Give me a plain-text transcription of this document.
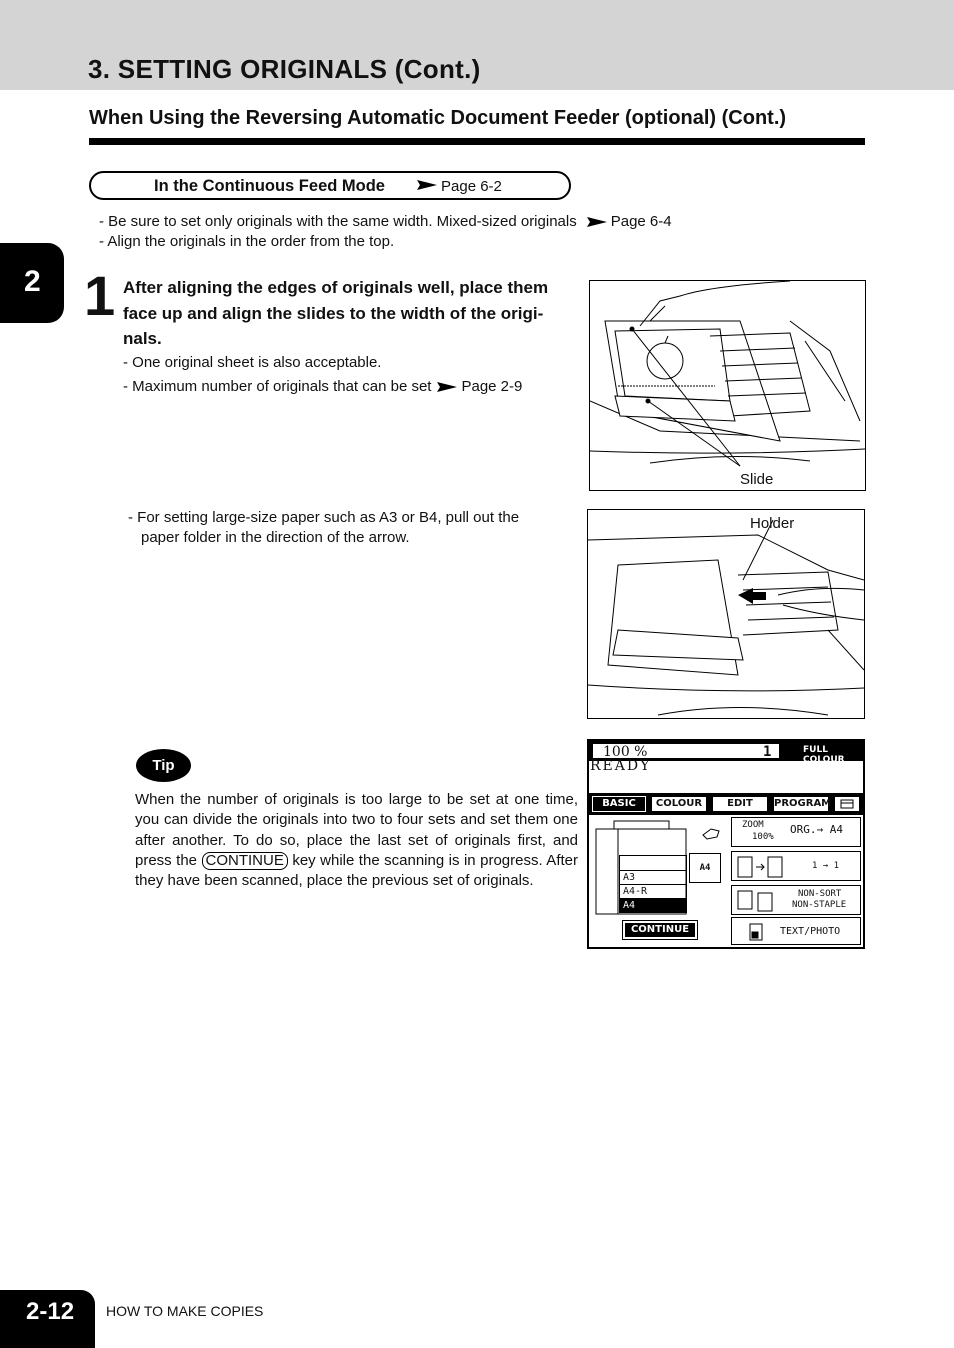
3. SETTING ORIGINALS (Cont.)
When Using the Reversing Automatic Document Feeder (optional) (Cont.)
In the Continuous Feed Mode	Page 6-2
- Be sure to set only originals with the same width. Mixed-sized originals Page 6-4
- Align the originals in the order from the top.
2 1 After aligning the edges of originals well, place them face up and align the slides to the width of the origi-nals.
- One original sheet is also acceptable.
- Maximum number of originals that can be set Page 2-9
Slide
- For setting large-size paper such as A3 or B4, pull out the
paper folder in the direction of the arrow.
Holder
Tip
When the number of originals is too large to be set at one time, you can divide the originals into two to four sets and set them one after another. To do so, place the last set of originals first, and press the CONTINUE key while the scanning is in progress. After they have been scanned, place the previous set of originals.
100 %	1	FULL COLOUR
READY
BASIC	COLOUR	EDIT	PROGRAM
A3
A4-R
A4
A4
ZOOM
100%
ORG.→ A4
1 → 1
NON-SORT
NON-STAPLE
TEXT/PHOTO
CONTINUE
2-12 HOW TO MAKE COPIES
